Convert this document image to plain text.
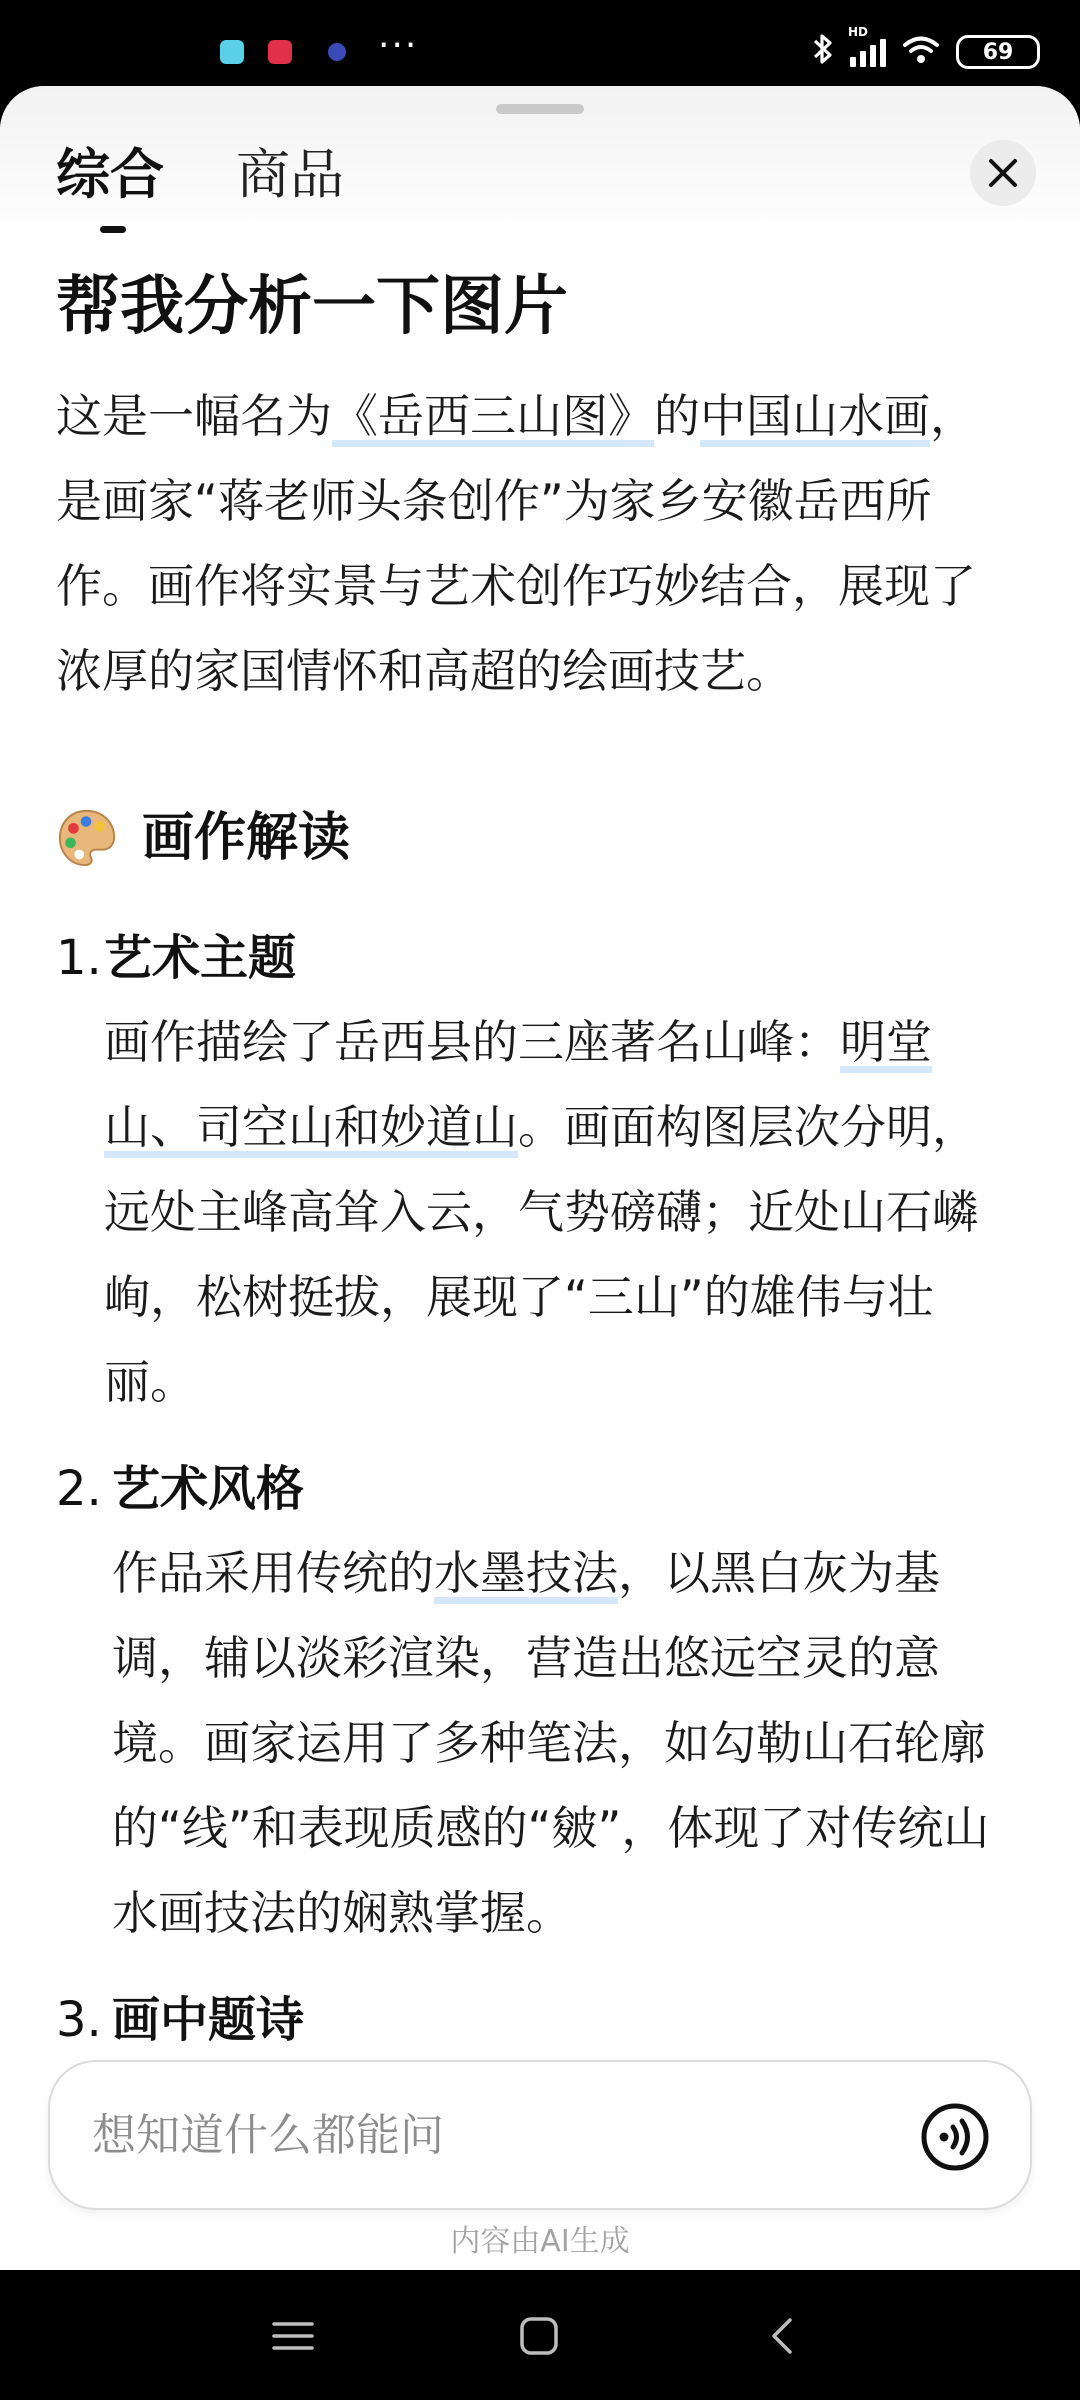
···	HD
69
综合 商品
帮我分析一下图片

这是一幅名为《岳西三山图》的中国山水画，是画家“蒋老师头条创作”为家乡安徽岳西所作。画作将实景与艺术创作巧妙结合，展现了浓厚的家国情怀和高超的绘画技艺。

画作解读
1. 艺术主题
画作描绘了岳西县的三座著名山峰：明堂山、司空山和妙道山。画面构图层次分明，远处主峰高耸入云，气势磅礴；近处山石嶙峋，松树挺拔，展现了“三山”的雄伟与壮丽。
2. 艺术风格
作品采用传统的水墨技法，以黑白灰为基调，辅以淡彩渲染，营造出悠远空灵的意境。画家运用了多种笔法，如勾勒山石轮廓的“线”和表现质感的“皴”，体现了对传统山水画技法的娴熟掌握。
3. 画中题诗
想知道什么都能问
内容由AI生成
